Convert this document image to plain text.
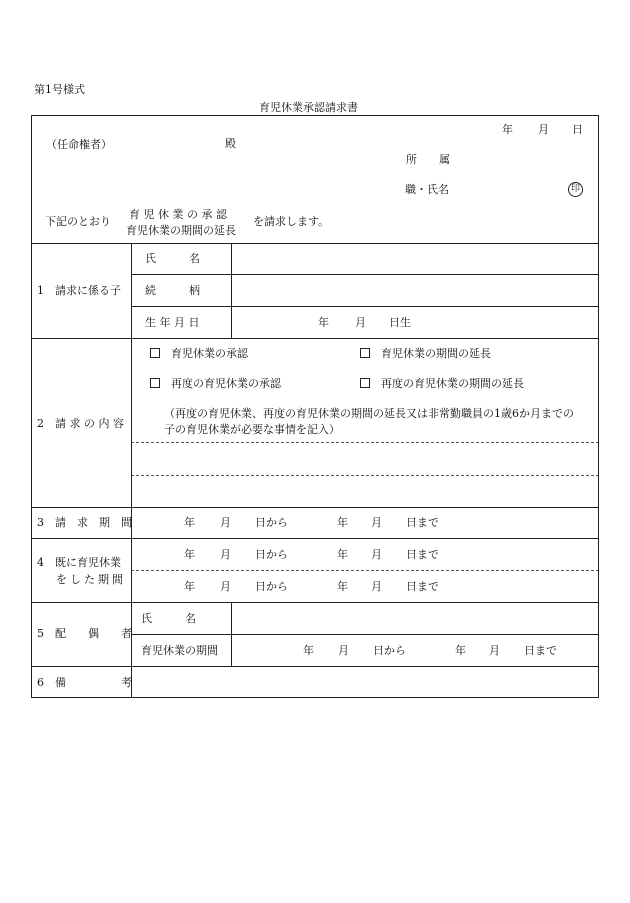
第1号様式
育児休業承認請求書
年 月 日
（任命権者）	殿
所　　属
職・氏名	印
下記のとおり
育 児 休 業 の 承 認
育児休業の期間の延長
を請求します。
1　請求に係る子
氏　　　名
続　　　柄
生 年 月 日	年 月 日生
2　請 求 の 内 容
育児休業の承認	育児休業の期間の延長
再度の育児休業の承認	再度の育児休業の期間の延長
（再度の育児休業、再度の育児休業の期間の延長又は非常勤職員の1歳6か月までの
子の育児休業が必要な事情を記入）
3　請　求　期　間	年 月 日から	年 月 日まで
4　既に育児休業
をした期間
年 月 日から	年 月 日まで
年 月 日から	年 月 日まで
5　配　　偶　　者
氏　　　名
育児休業の期間	年 月 日から	年 月 日まで
6　備　　　　　考
